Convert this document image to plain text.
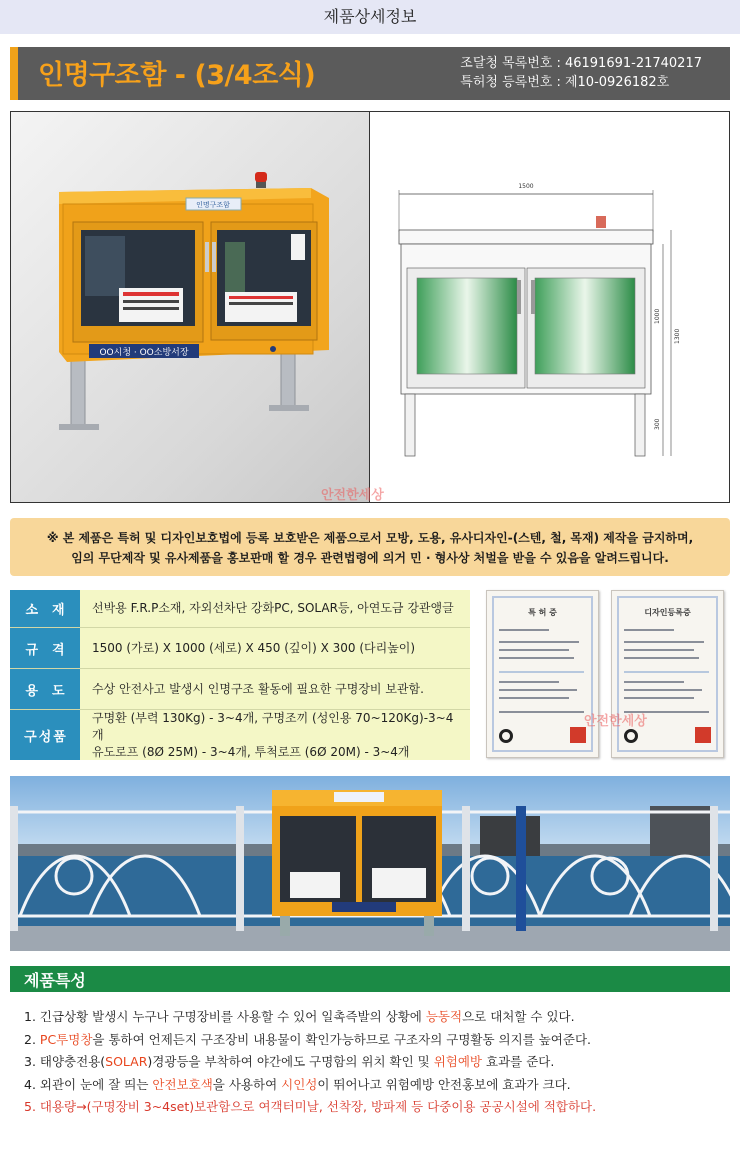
제품상세정보
인명구조함 - (3/4조식)	조달청 목록번호 : 46191691-21740217
특허청 등록번호 : 제10-0926182호
인명구조함
OO시청 · OO소방서장
1500
1000
1300
300
안전한세상
※ 본 제품은 특허 및 디자인보호법에 등록 보호받은 제품으로서 모방, 도용, 유사디자인-(스텐, 철, 목재) 제작을 금지하며,
임의 무단제작 및 유사제품을 홍보판매 할 경우 관련법령에 의거 민 · 형사상 처벌을 받을 수 있음을 알려드립니다.
소재 선박용 F.R.P소재, 자외선차단 강화PC, SOLAR등, 아연도금 강관앵글
규격 1500 (가로) X 1000 (세로) X 450 (깊이) X 300 (다리높이)
용도 수상 안전사고 발생시 인명구조 활동에 필요한 구명장비 보관함.
구성품
구명환 (부력 130Kg) - 3~4개, 구명조끼 (성인용 70~120Kg)-3~4개
유도로프 (8Ø 25M) - 3~4개, 투척로프 (6Ø 20M) - 3~4개
특 허 증	디자인등록증
안전한세상
제품특성
1. 긴급상황 발생시 누구나 구명장비를 사용할 수 있어 일촉즉발의 상황에 능동적으로 대처할 수 있다.
2. PC투명창을 통하여 언제든지 구조장비 내용물이 확인가능하므로 구조자의 구명활동 의지를 높여준다.
3. 태양충전용(SOLAR)경광등을 부착하여 야간에도 구명함의 위치 확인 및 위험예방 효과를 준다.
4. 외관이 눈에 잘 띄는 안전보호색을 사용하여 시인성이 뛰어나고 위험예방 안전홍보에 효과가 크다.
5. 대용량→(구명장비 3~4set)보관함으로 여객터미날, 선착장, 방파제 등 다중이용 공공시설에 적합하다.
